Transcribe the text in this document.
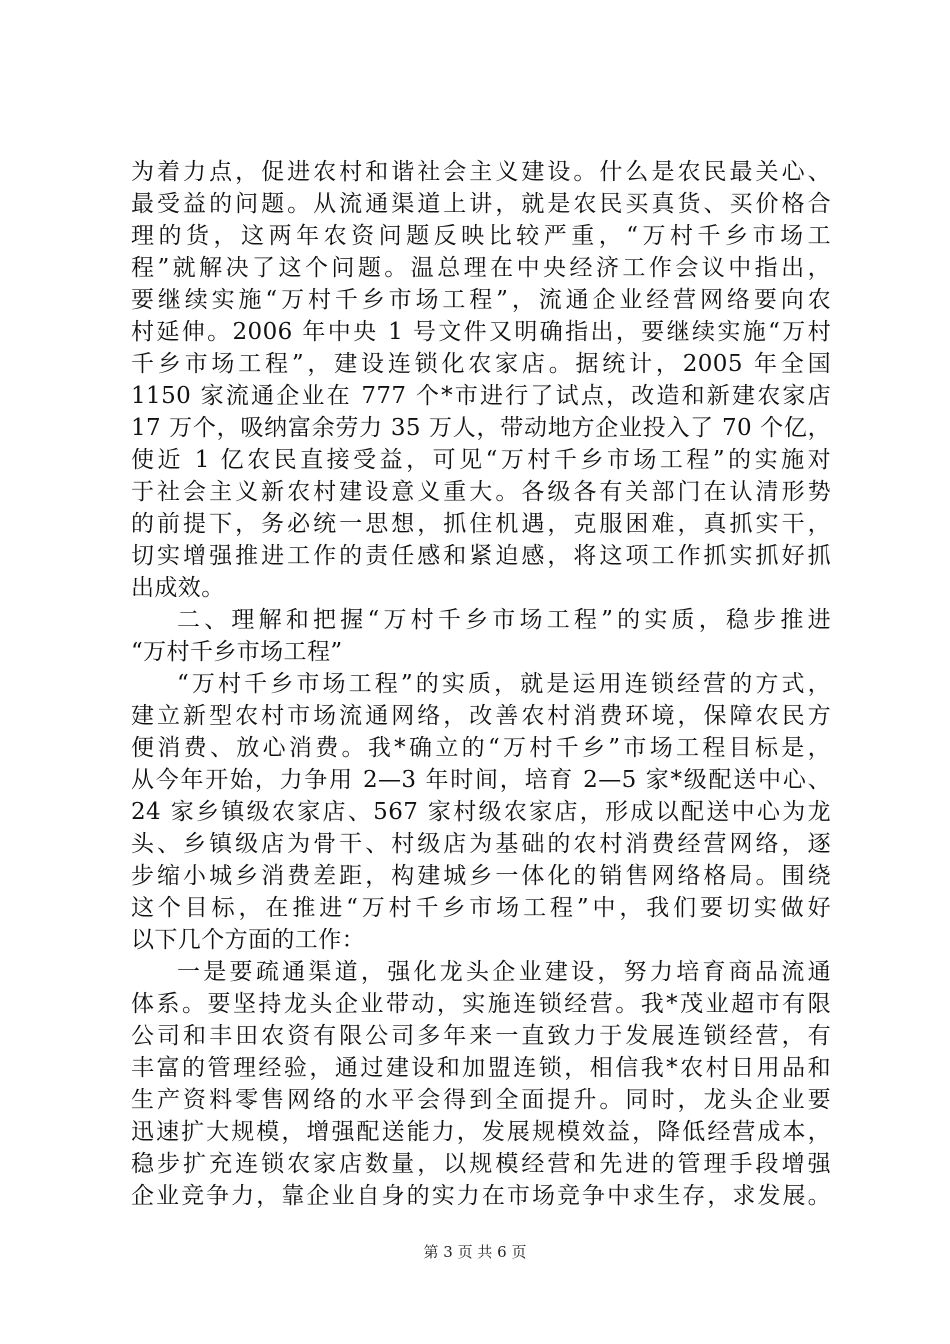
为着力点，促进农村和谐社会主义建设。什么是农民最关心、
最受益的问题。从流通渠道上讲，就是农民买真货、买价格合
理的货，这两年农资问题反映比较严重，“万村千乡市场工
程”就解决了这个问题。温总理在中央经济工作会议中指出，
要继续实施“万村千乡市场工程”，流通企业经营网络要向农
村延伸。2006 年中央 1 号文件又明确指出，要继续实施“万村
千乡市场工程”，建设连锁化农家店。据统计，2005 年全国
1150 家流通企业在 777 个*市进行了试点，改造和新建农家店
17 万个，吸纳富余劳力 35 万人，带动地方企业投入了 70 个亿，
使近 1 亿农民直接受益，可见“万村千乡市场工程”的实施对
于社会主义新农村建设意义重大。各级各有关部门在认清形势
的前提下，务必统一思想，抓住机遇，克服困难，真抓实干，
切实增强推进工作的责任感和紧迫感，将这项工作抓实抓好抓
出成效。
二、理解和把握“万村千乡市场工程”的实质，稳步推进
“万村千乡市场工程”
“万村千乡市场工程”的实质，就是运用连锁经营的方式，
建立新型农村市场流通网络，改善农村消费环境，保障农民方
便消费、放心消费。我*确立的“万村千乡”市场工程目标是，
从今年开始，力争用 2—3 年时间，培育 2—5 家*级配送中心、
24 家乡镇级农家店、567 家村级农家店，形成以配送中心为龙
头、乡镇级店为骨干、村级店为基础的农村消费经营网络，逐
步缩小城乡消费差距，构建城乡一体化的销售网络格局。围绕
这个目标，在推进“万村千乡市场工程”中，我们要切实做好
以下几个方面的工作：
一是要疏通渠道，强化龙头企业建设，努力培育商品流通
体系。要坚持龙头企业带动，实施连锁经营。我*茂业超市有限
公司和丰田农资有限公司多年来一直致力于发展连锁经营，有
丰富的管理经验，通过建设和加盟连锁，相信我*农村日用品和
生产资料零售网络的水平会得到全面提升。同时，龙头企业要
迅速扩大规模，增强配送能力，发展规模效益，降低经营成本，
稳步扩充连锁农家店数量，以规模经营和先进的管理手段增强
企业竞争力，靠企业自身的实力在市场竞争中求生存，求发展。
第 3 页 共 6 页
